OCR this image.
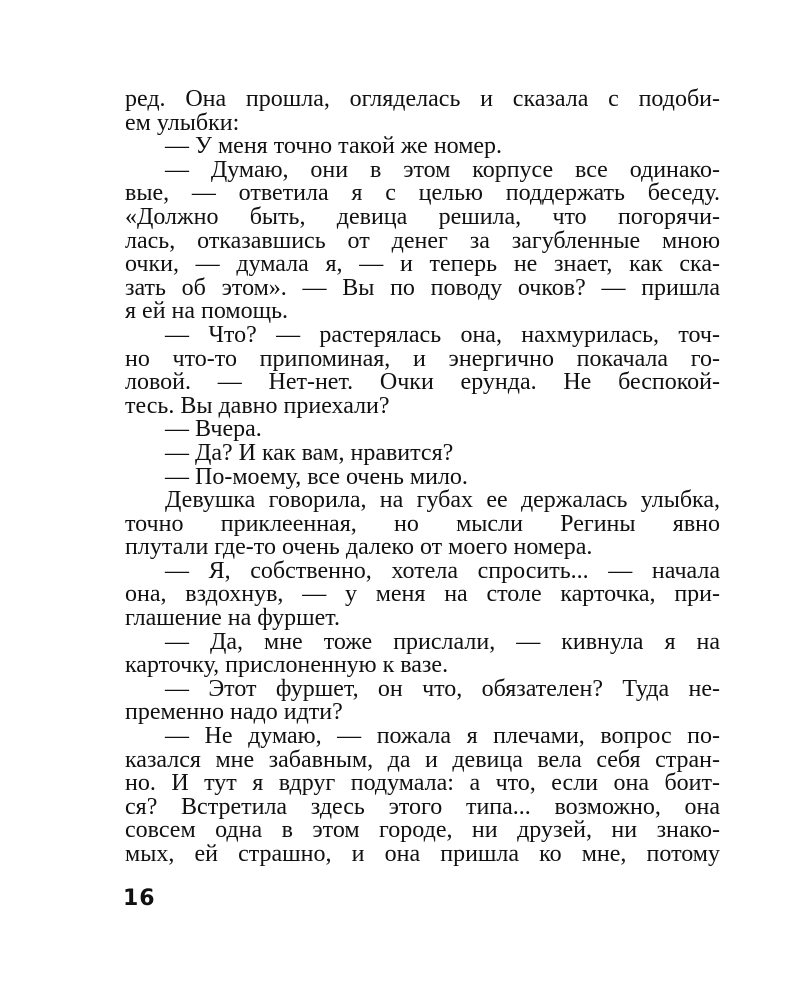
ред. Она прошла, огляделась и сказала с подоби-
ем улыбки:
— У меня точно такой же номер.
— Думаю, они в этом корпусе все одинако-
вые, — ответила я с целью поддержать беседу.
«Должно быть, девица решила, что погорячи-
лась, отказавшись от денег за загубленные мною
очки, — думала я, — и теперь не знает, как ска-
зать об этом». — Вы по поводу очков? — пришла
я ей на помощь.
— Что? — растерялась она, нахмурилась, точ-
но что-то припоминая, и энергично покачала го-
ловой. — Нет-нет. Очки ерунда. Не беспокой-
тесь. Вы давно приехали?
— Вчера.
— Да? И как вам, нравится?
— По-моему, все очень мило.
Девушка говорила, на губах ее держалась улыбка,
точно приклеенная, но мысли Регины явно
плутали где-то очень далеко от моего номера.
— Я, собственно, хотела спросить... — начала
она, вздохнув, — у меня на столе карточка, при-
глашение на фуршет.
— Да, мне тоже прислали, — кивнула я на
карточку, прислоненную к вазе.
— Этот фуршет, он что, обязателен? Туда не-
пременно надо идти?
— Не думаю, — пожала я плечами, вопрос по-
казался мне забавным, да и девица вела себя стран-
но. И тут я вдруг подумала: а что, если она боит-
ся? Встретила здесь этого типа... возможно, она
совсем одна в этом городе, ни друзей, ни знако-
мых, ей страшно, и она пришла ко мне, потому
16
